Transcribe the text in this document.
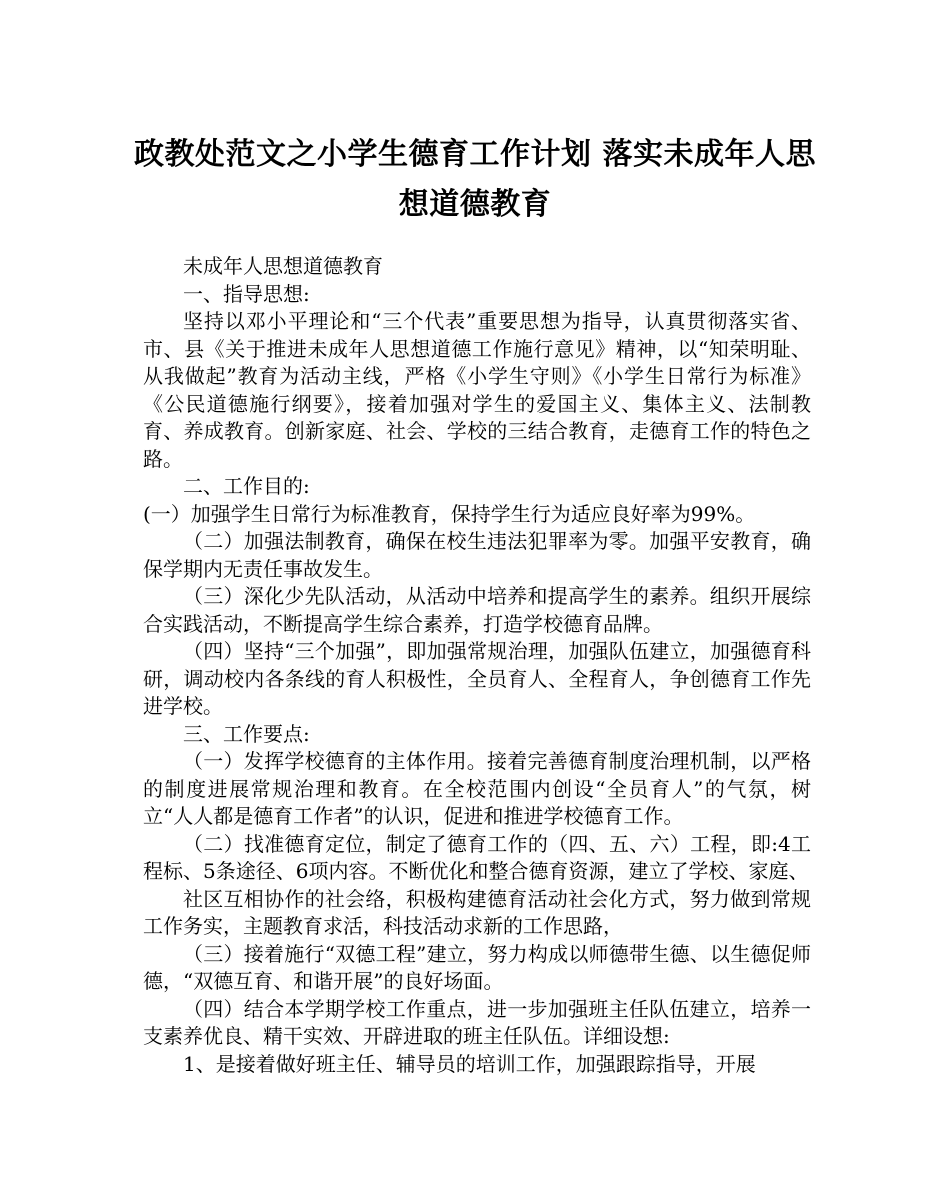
政教处范文之小学生德育工作计划 落实未成年人思想道德教育

未成年人思想道德教育

一、指导思想:

坚持以邓小平理论和“三个代表”重要思想为指导，认真贯彻落实省、市、县《关于推进未成年人思想道德工作施行意见》精神，以“知荣明耻、从我做起”教育为活动主线，严格《小学生守则》《小学生日常行为标准》《公民道德施行纲要》，接着加强对学生的爱国主义、集体主义、法制教育、养成教育。创新家庭、社会、学校的三结合教育，走德育工作的特色之路。

二、工作目的:

(一）加强学生日常行为标准教育，保持学生行为适应良好率为99%。

（二）加强法制教育，确保在校生违法犯罪率为零。加强平安教育，确保学期内无责任事故发生。

（三）深化少先队活动，从活动中培养和提高学生的素养。组织开展综合实践活动，不断提高学生综合素养，打造学校德育品牌。

（四）坚持“三个加强”，即加强常规治理，加强队伍建立，加强德育科研，调动校内各条线的育人积极性，全员育人、全程育人，争创德育工作先进学校。

三、工作要点:

（一）发挥学校德育的主体作用。接着完善德育制度治理机制，以严格的制度进展常规治理和教育。在全校范围内创设“全员育人”的气氛，树立“人人都是德育工作者”的认识，促进和推进学校德育工作。

（二）找准德育定位，制定了德育工作的（四、五、六）工程，即:4工程标、5条途径、6项内容。不断优化和整合德育资源，建立了学校、家庭、

社区互相协作的社会络，积极构建德育活动社会化方式，努力做到常规工作务实，主题教育求活，科技活动求新的工作思路，

（三）接着施行“双德工程”建立，努力构成以师德带生德、以生德促师德，“双德互育、和谐开展”的良好场面。

（四）结合本学期学校工作重点，进一步加强班主任队伍建立，培养一支素养优良、精干实效、开辟进取的班主任队伍。详细设想:

1、是接着做好班主任、辅导员的培训工作，加强跟踪指导，开展
